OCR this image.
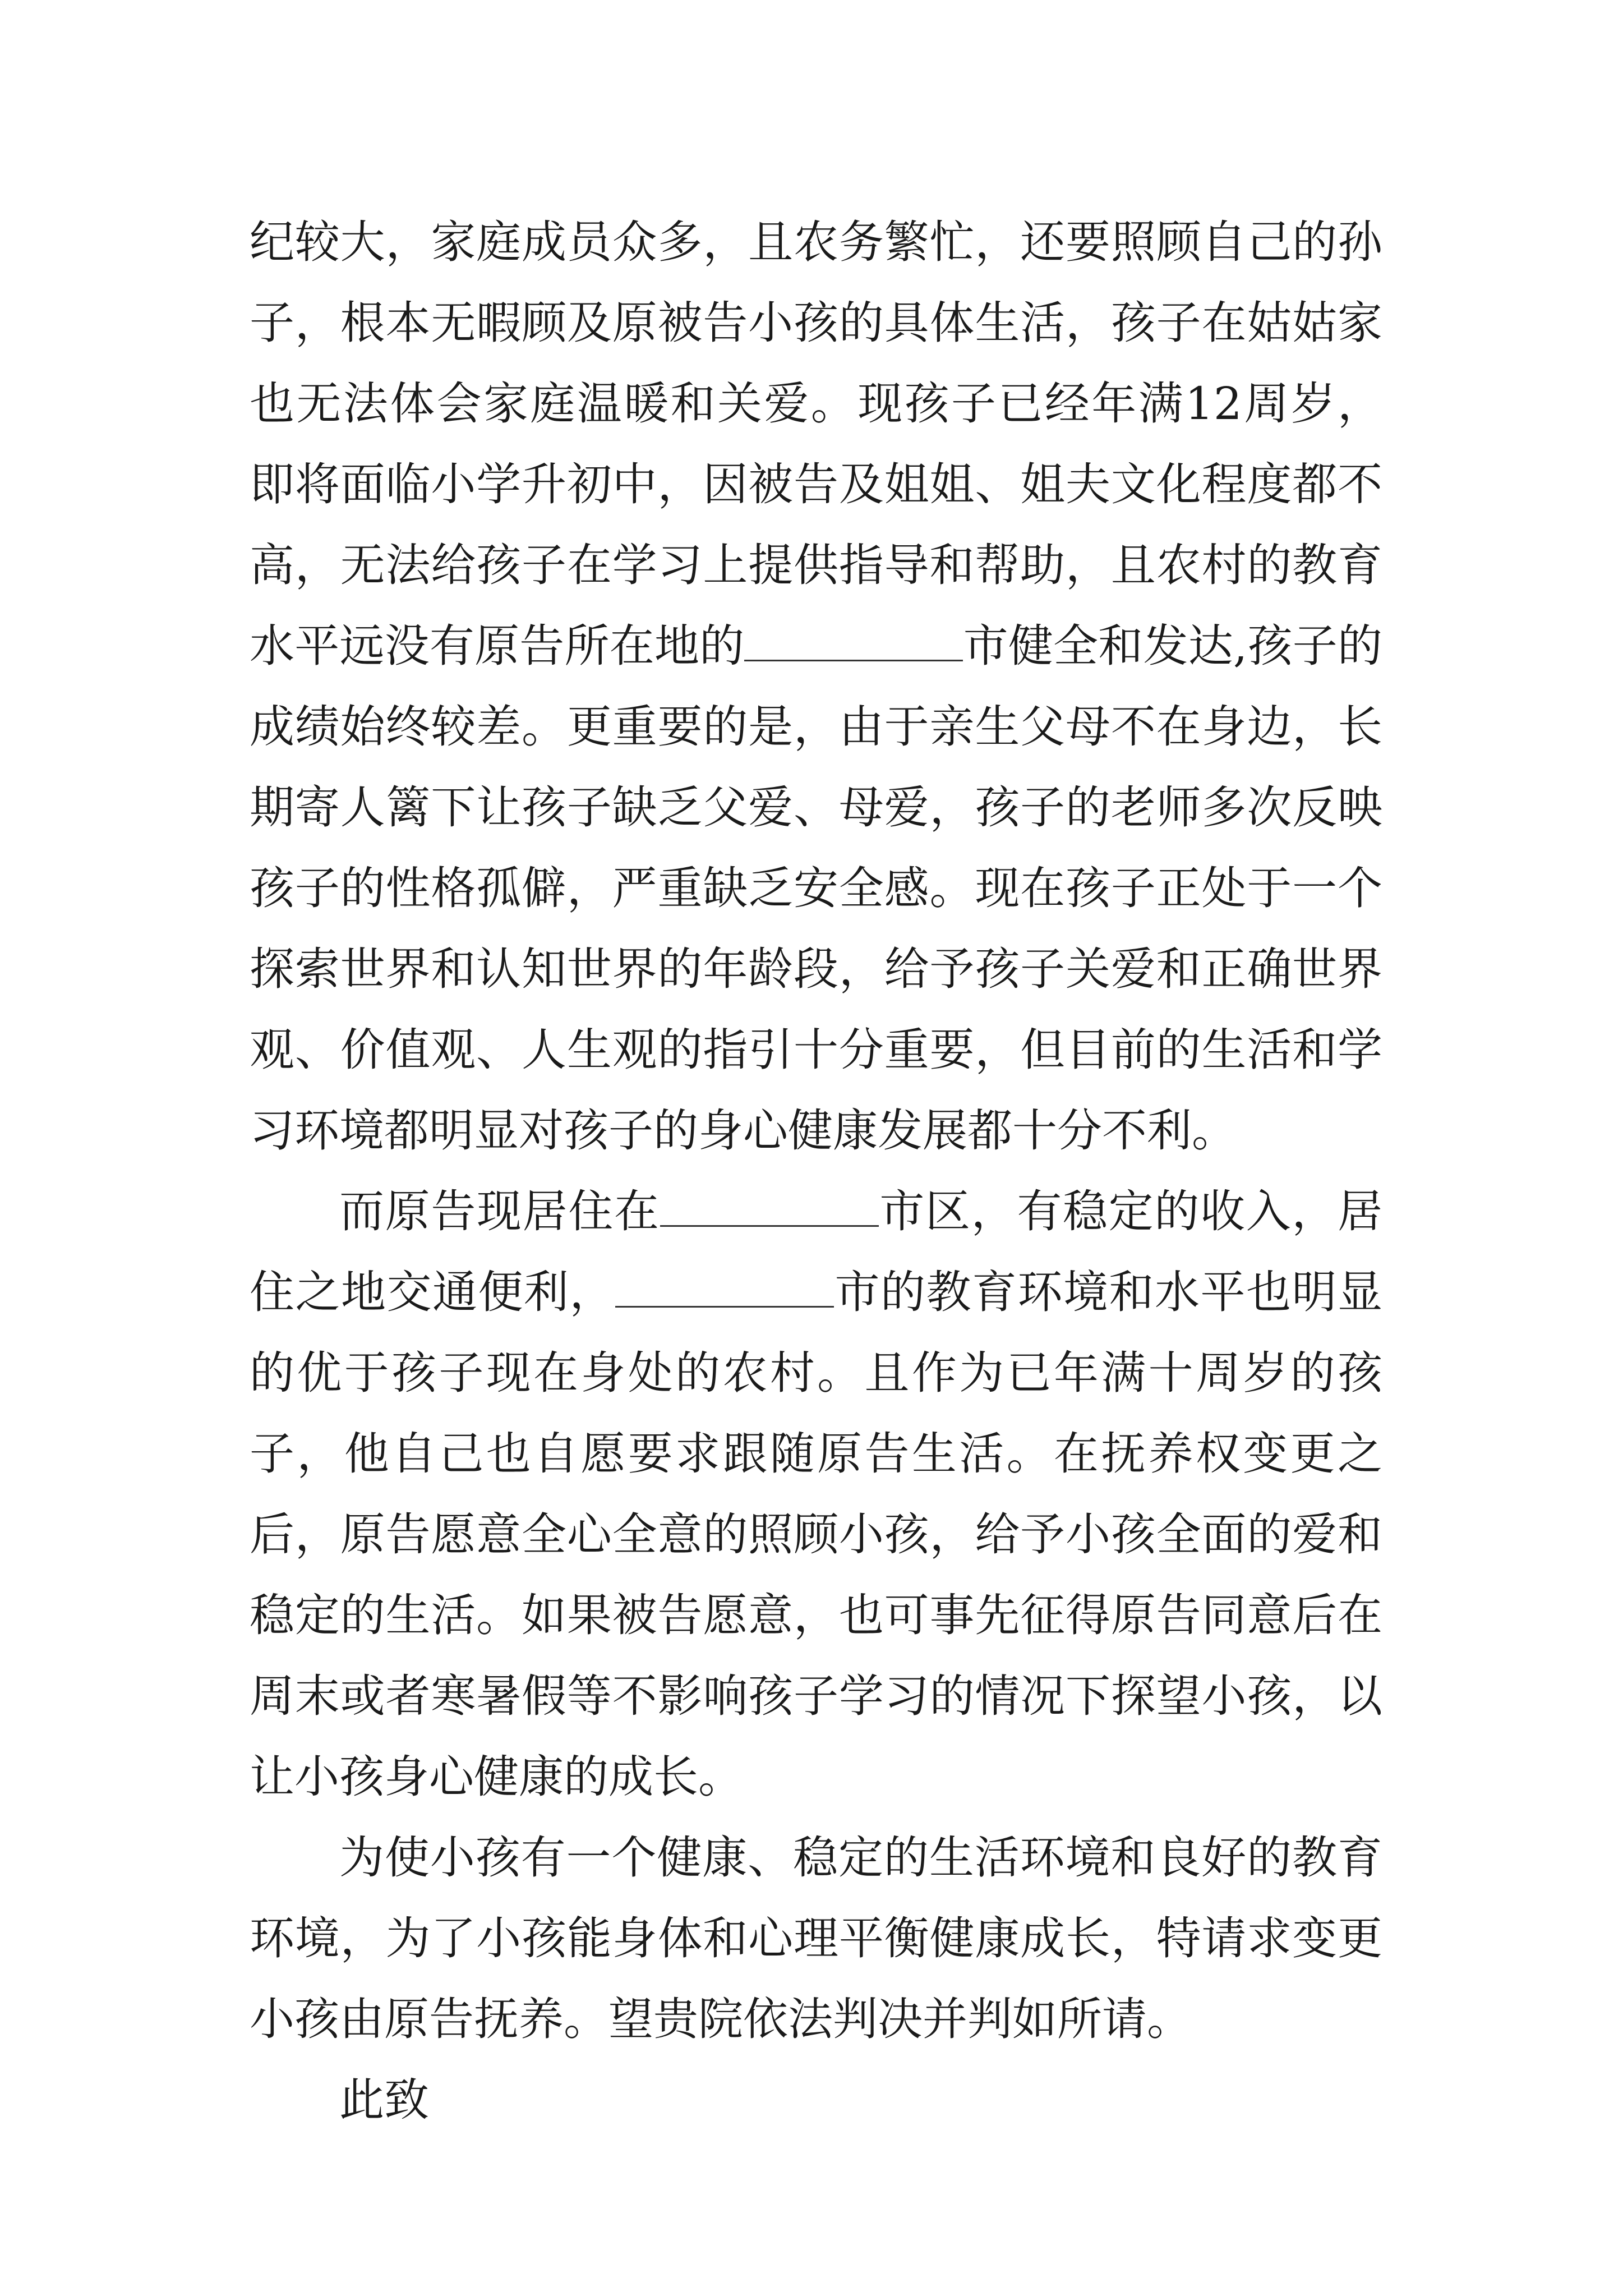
纪较大，家庭成员众多，且农务繁忙，还要照顾自己的孙子，根本无暇顾及原被告小孩的具体生活，孩子在姑姑家也无法体会家庭温暖和关爱。现孩子已经年满12周岁，即将面临小学升初中，因被告及姐姐、姐夫文化程度都不高，无法给孩子在学习上提供指导和帮助，且农村的教育水平远没有原告所在地的	市健全和发达,孩子的成绩始终较差。更重要的是，由于亲生父母不在身边，长期寄人篱下让孩子缺乏父爱、母爱，孩子的老师多次反映孩子的性格孤僻，严重缺乏安全感。现在孩子正处于一个探索世界和认知世界的年龄段，给予孩子关爱和正确世界观、价值观、人生观的指引十分重要，但目前的生活和学习环境都明显对孩子的身心健康发展都十分不利。

而原告现居住在	市区，有稳定的收入，居住之地交通便利，	市的教育环境和水平也明显的优于孩子现在身处的农村。且作为已年满十周岁的孩子，他自己也自愿要求跟随原告生活。在抚养权变更之后，原告愿意全心全意的照顾小孩，给予小孩全面的爱和稳定的生活。如果被告愿意，也可事先征得原告同意后在周末或者寒暑假等不影响孩子学习的情况下探望小孩，以让小孩身心健康的成长。

为使小孩有一个健康、稳定的生活环境和良好的教育环境，为了小孩能身体和心理平衡健康成长，特请求变更小孩由原告抚养。望贵院依法判决并判如所请。

此致
